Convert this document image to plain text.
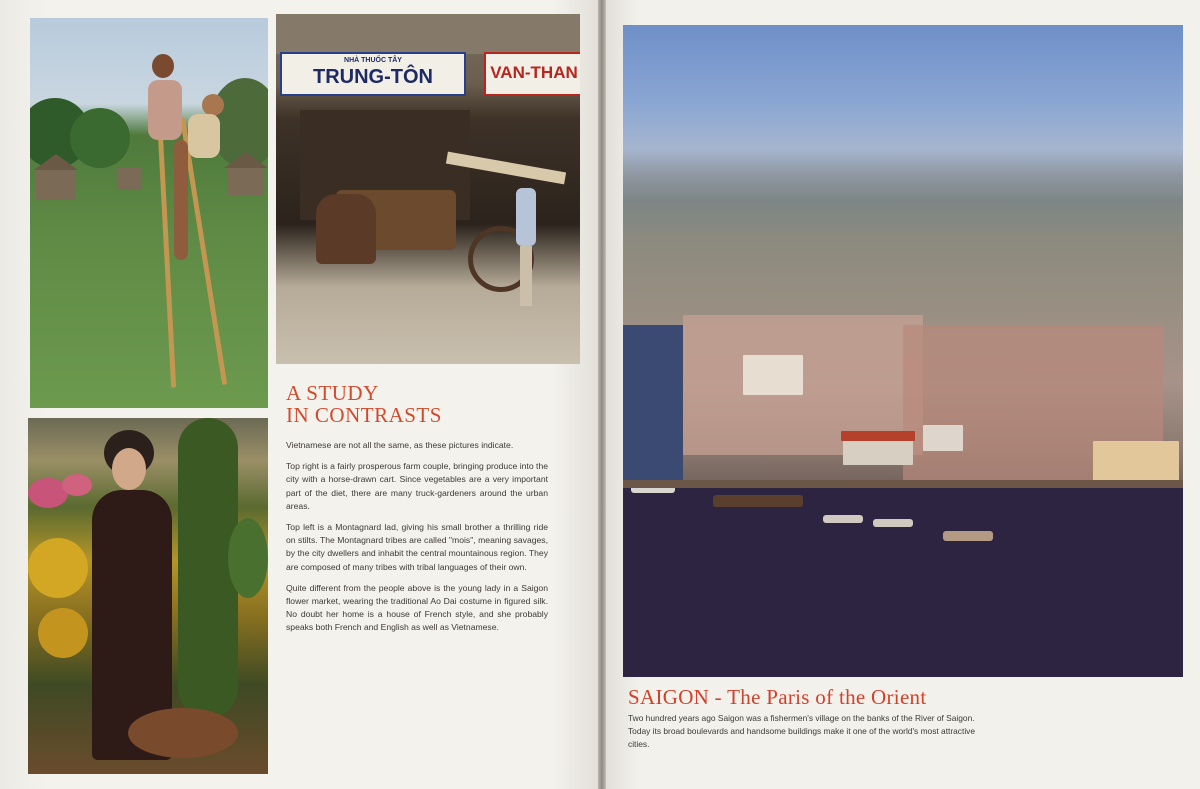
NHÀ THUỐC TÂY
TRUNG-TÔN	VAN-THAN
A STUDY
IN CONTRASTS

Vietnamese are not all the same, as these pictures indicate.

Top right is a fairly prosperous farm couple, bringing produce into the city with a horse-drawn cart. Since vegetables are a very important part of the diet, there are many truck-gardeners around the urban areas.

Top left is a Montagnard lad, giving his small brother a thrilling ride on stilts. The Montagnard tribes are called "mois", meaning savages, by the city dwellers and inhabit the central mountainous region. They are composed of many tribes with tribal languages of their own.

Quite different from the people above is the young lady in a Saigon flower market, wearing the traditional Ao Dai costume in figured silk. No doubt her home is a house of French style, and she probably speaks both French and English as well as Vietnamese.

SAIGON - The Paris of the Orient
Two hundred years ago Saigon was a fishermen's village on the banks of the River of Saigon. Today its broad boulevards and handsome buildings make it one of the world's most attractive cities.
